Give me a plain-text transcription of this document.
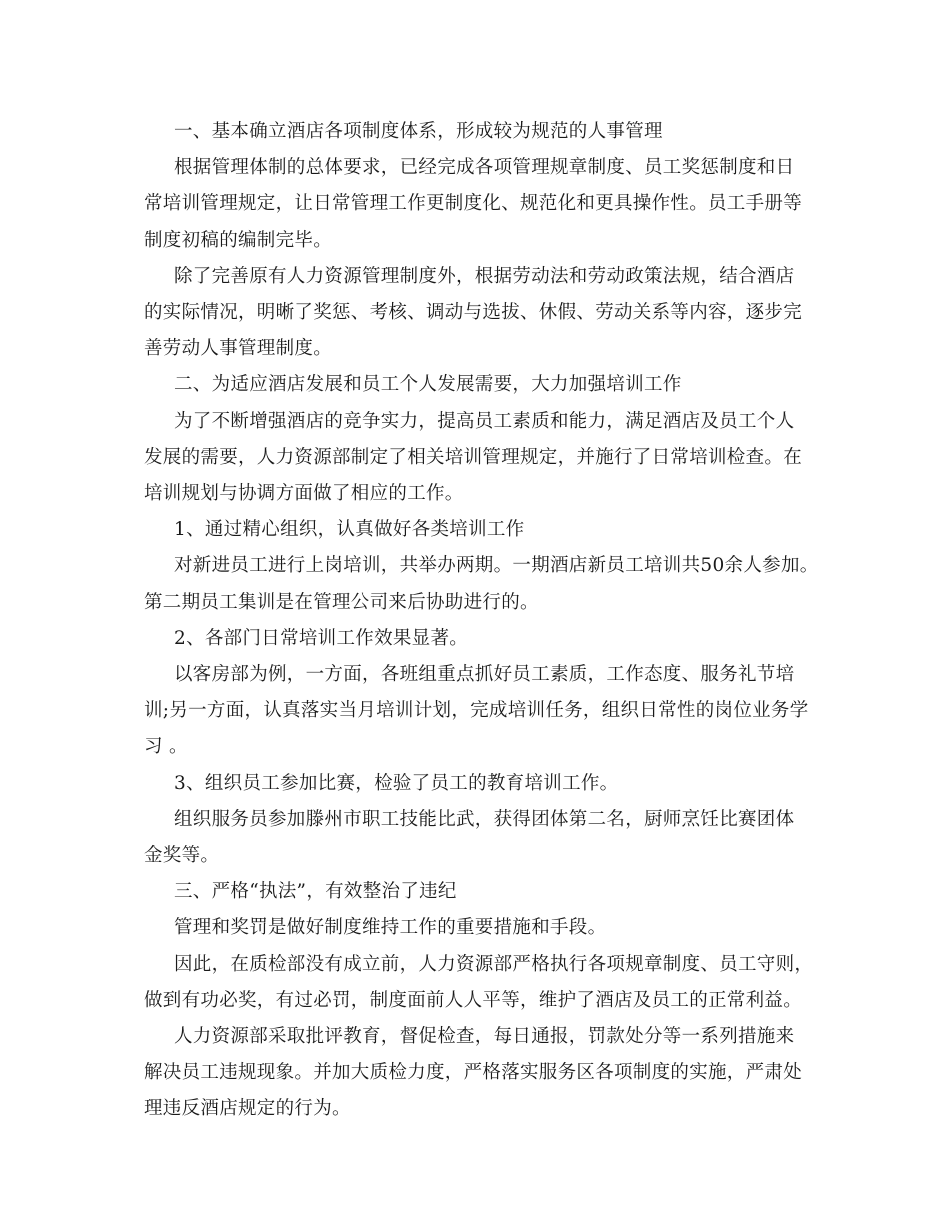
一、基本确立酒店各项制度体系，形成较为规范的人事管理
根据管理体制的总体要求，已经完成各项管理规章制度、员工奖惩制度和日
常培训管理规定，让日常管理工作更制度化、规范化和更具操作性。员工手册等
制度初稿的编制完毕。
除了完善原有人力资源管理制度外，根据劳动法和劳动政策法规，结合酒店
的实际情况，明晰了奖惩、考核、调动与选拔、休假、劳动关系等内容，逐步完
善劳动人事管理制度。
二、为适应酒店发展和员工个人发展需要，大力加强培训工作
为了不断增强酒店的竞争实力，提高员工素质和能力，满足酒店及员工个人
发展的需要，人力资源部制定了相关培训管理规定，并施行了日常培训检查。在
培训规划与协调方面做了相应的工作。
1、通过精心组织，认真做好各类培训工作
对新进员工进行上岗培训，共举办两期。一期酒店新员工培训共50余人参加。
第二期员工集训是在管理公司来后协助进行的。
2、各部门日常培训工作效果显著。
以客房部为例，一方面，各班组重点抓好员工素质，工作态度、服务礼节培
训;另一方面，认真落实当月培训计划，完成培训任务，组织日常性的岗位业务学
习 。
3、组织员工参加比赛，检验了员工的教育培训工作。
组织服务员参加滕州市职工技能比武，获得团体第二名，厨师烹饪比赛团体
金奖等。
三、严格“执法”，有效整治了违纪
管理和奖罚是做好制度维持工作的重要措施和手段。
因此，在质检部没有成立前，人力资源部严格执行各项规章制度、员工守则，
做到有功必奖，有过必罚，制度面前人人平等，维护了酒店及员工的正常利益。
人力资源部采取批评教育，督促检查，每日通报，罚款处分等一系列措施来
解决员工违规现象。并加大质检力度，严格落实服务区各项制度的实施，严肃处
理违反酒店规定的行为。
